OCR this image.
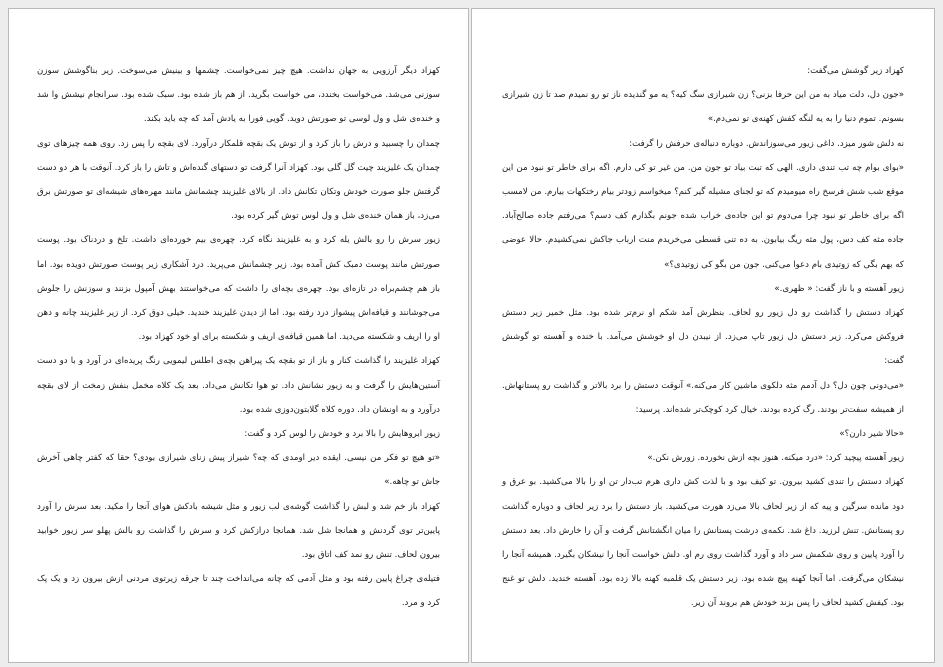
کهزاد دیگر آرزویی به جهان نداشت. هیچ چیز نمی‌خواست. چشمها و بینیش می‌سوخت. زیر بناگوشش سوزن سوزنی می‌شد. می‌خواست بخندد، می خواست بگرید. از هم باز شده بود. سبک شده بود. سرانجام نیشش وا شد و خنده‌ی شل و ول لوسی تو صورتش دوید. گویی فورا به یادش آمد که چه باید بکند.

چمدان را چسبید و درش را باز کرد و از توش یک بقچه قلمکار درآورد. لای بقچه را پس زد. روی همه چیزهای توی چمدان یک غلیزیند چیت گل گلی بود. کهزاد آنرا گرفت تو دستهای گنده‌اش و تاش را باز کرد. آنوقت با هر دو دست گرفتش جلو صورت خودش وتکان تکانش داد. از بالای غلیزیند چشمانش مانند مهره‌های شیشه‌ای تو صورتش برق می‌زد، باز همان خنده‌ی شل و ول لوس توش گیر کرده بود.

زیور سرش را رو بالش یله کرد و به غلیزیند نگاه کرد. چهره‌ی بیم خورده‌ای داشت. تلخ و دردناک بود. پوست صورتش مانند پوست دمبک کش آمده بود. زیر چشمانش می‌پرید. درد آشکاری زیر پوست صورتش دویده بود. اما باز هم چشم‌براه در تازه‌ای بود. چهره‌ی بچه‌ای را داشت که می‌خواستند بهش آمپول بزنند و سوزنش را جلوش می‌جوشانند و قیافه‌اش پیشواز درد رفته بود. اما از دیدن غلیزیند خندید. خیلی دوق کرد. از زیر غلیزیند چانه و دهن او را اریف و شکسته می‌دید. اما همین قیافه‌ی اریف و شکسته برای او خود کهزاد بود.

کهزاد غلیزیند را گذاشت کنار و باز از تو بقچه یک پیراهن بچه‌ی اطلس لیمویی رنگ پریده‌ای در آورد و با دو دست آستین‌هایش را گرفت و به زیور نشانش داد. تو هوا تکانش می‌داد. بعد یک کلاه مخمل بنفش زمخت از لای بقچه درآورد و به اونشان داد. دوره کلاه گلابتون‌دوزی شده بود.

زیور ابروهایش را بالا برد و خودش را لوس کرد و گفت:

«تو هیچ تو فکر من نیسی. ایقده دیر اومدی که چه؟ شیراز پیش زنای شیرازی بودی؟ حقا که کفتر چاهی آخرش جاش تو چاهه.»

کهزاد باز خم شد و لبش را گذاشت گوشه‌ی لب زیور و مثل شیشه بادکش هوای آنجا را مکید. بعد سرش را آورد پایین‌تر توی گردنش و همانجا شل شد. همانجا درازکش کرد و سرش را گذاشت رو بالش پهلو سر زیور خوابید بیرون لحاف. تنش رو نمد کف اتاق بود.

فتیله‌ی چراغ پایین رفته بود و مثل آدمی که چانه می‌انداخت چند تا جرقه زیرتوی مردنی ازش بیرون زد و یک پک کرد و مرد.

کهزاد زیر گوشش می‌گفت:

«جون دل، دلت میاد به من این حرفا بزنی؟ زن شیرازی سگ کیه؟ یه مو گندیده ناز تو رو نمیدم صد تا زن شیرازی بسونم. تموم دنیا را به یه لنگه کفش کهنه‌ی تو نمی‌دم.»

نه دلش شور میزد. داغی زیور می‌سوزاندش. دوباره دنباله‌ی حرفش را گرفت:

«بوای بوام چه تب تندی داری. الهی که تبت بیاد تو جون من. من غیر تو کی دارم. اگه برای خاطر تو نبود من این موقع شب شش فرسخ راه میومیدم که تو لجنای مشیله گیر کنم؟ میخواسم زودتر بیام رختکهات بیارم. من لامسب اگه برای خاطر تو نبود چرا می‌دوم تو این جاده‌ی خراب شده جونم بگذارم کف دسم؟ می‌رفتم جاده صالح‌آباد. جاده مثه کف دس، پول مثه ریگ بیابون. به ده تنی قسطی می‌خریدم منت ارباب جاکش نمی‌کشیدم. حالا عوضی که بهم بگی که زوتیدی بام دعوا می‌کنی. جون من بگو کی زوتیدی؟»

زیور آهسته و با ناز گفت: « ظهری.»

کهزاد دستش را گذاشت رو دل زیور رو لحاف. بنظرش آمد شکم او نرم‌تر شده بود. مثل خمیر زیر دستش فروکش می‌کرد. زیر دستش دل زیور تاپ می‌زد. از نیبدن دل او خوشش می‌آمد. با خنده و آهسته تو گوشش گفت:

«می‌دونی چون دل؟ دل آدمم مثه دلکوی ماشین کار می‌کنه.» آنوقت دستش را برد بالاتر و گذاشت رو پستانهاش. از همیشه سفت‌تر بودند. رگ کرده بودند. خیال کرد کوچک‌تر شده‌اند. پرسید:

«حالا شیر دارن؟»

زیور آهسته پیچید کرد: «درد میکنه. هنوز بچه ازش نخورده. زورش نکن.»

کهزاد دستش را تندی کشید بیرون. تو کیف بود و با لذت کش داری هرم تب‌دار تن او را بالا می‌کشید. بو عرق و دود مانده سرگین و پیه که از زیر لحاف بالا می‌زد هورت می‌کشید. باز دستش را برد زیر لحاف و دوباره گذاشت رو پستانش. تنش لرزید. داغ شد. نکمه‌ی درشت پستانش را میان انگشتانش گرفت و آن را خارش داد. بعد دستش را آورد پایین و روی شکمش سر داد و آورد گذاشت روی رم او. دلش خواست آنجا را نیشکان بگیرد. همیشه آنجا را نیشکان می‌گرفت. اما آنجا کهنه پیچ شده بود. زیر دستش یک قلمبه کهنه بالا زده بود. آهسته خندید. دلش تو غنج بود. کیفش کشید لحاف را پس بزند خودش هم بروند آن زیر.
